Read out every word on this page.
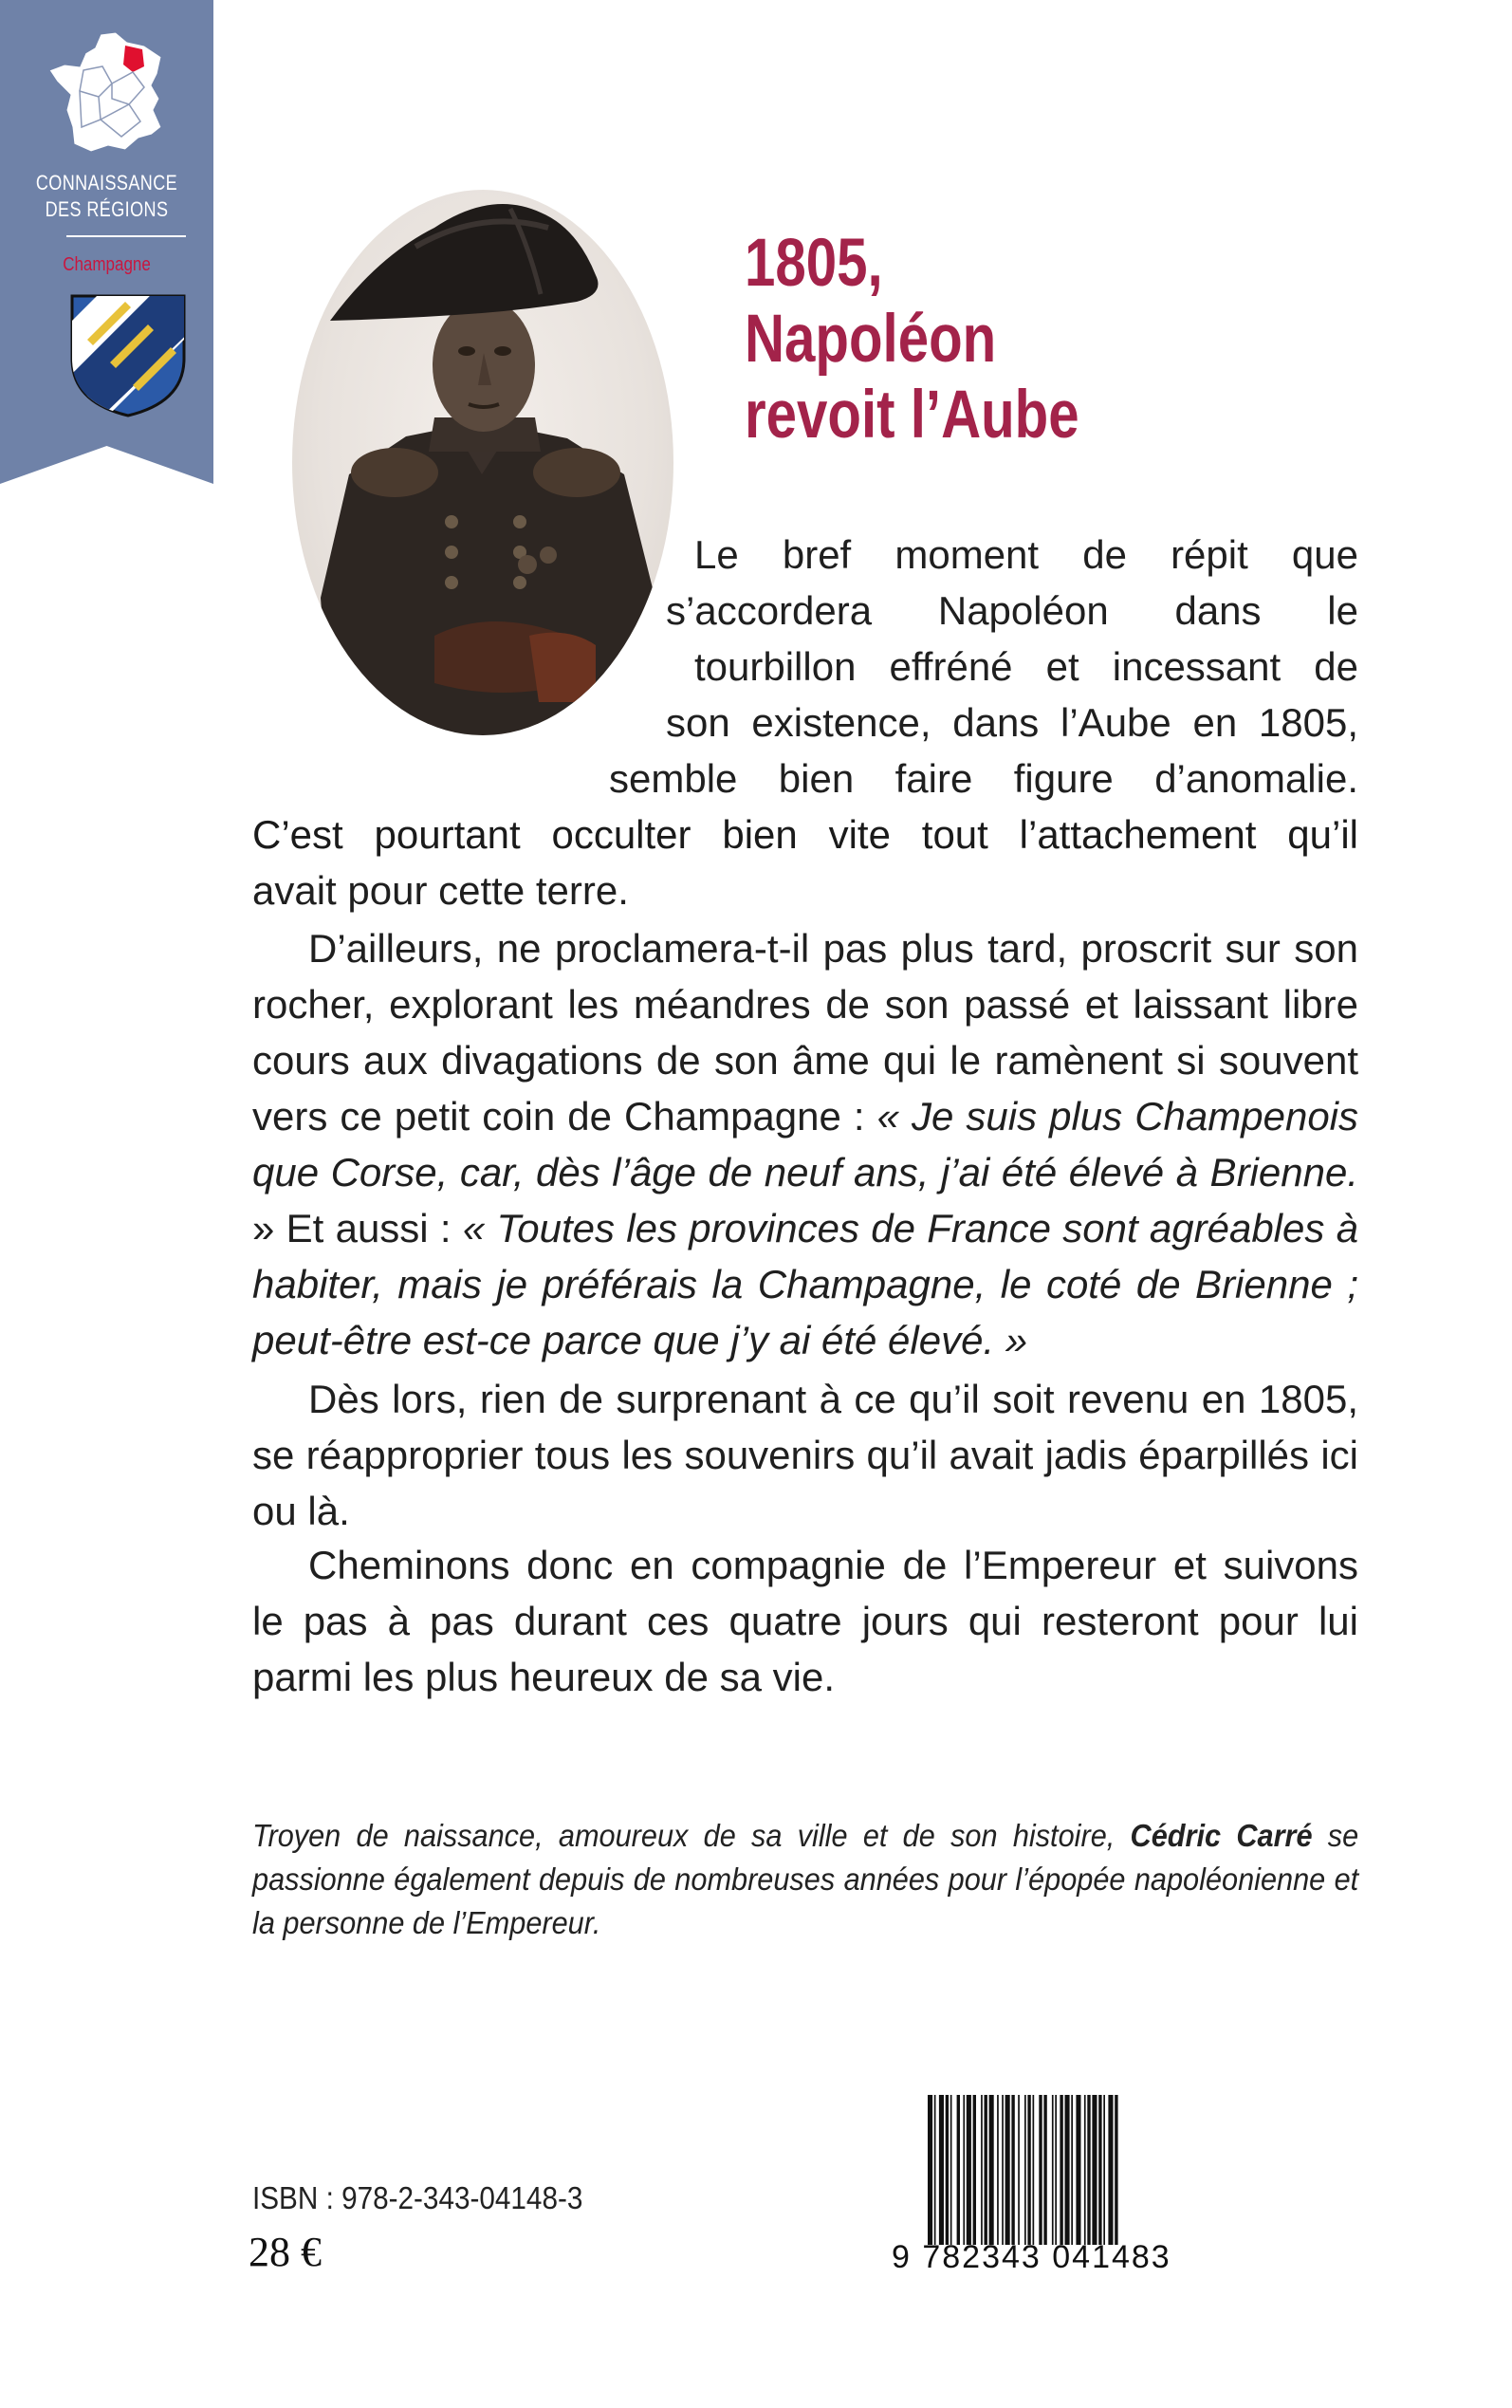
CONNAISSANCE
DES RÉGIONS
Champagne	1805,
Napoléon
revoit l’Aube
Le bref moment de répit que
s’accordera Napoléon dans le
tourbillon effréné et incessant de
son existence, dans l’Aube en 1805,
semble bien faire figure d’anomalie.
C’est pourtant occulter bien vite tout l’attachement qu’il
avait pour cette terre.
D’ailleurs, ne proclamera-t-il pas plus tard, proscrit sur son rocher, explorant les méandres de son passé et laissant libre cours aux divagations de son âme qui le ramènent si souvent vers ce petit coin de Champagne : « Je suis plus Champenois que Corse, car, dès l’âge de neuf ans, j’ai été élevé à Brienne. » Et aussi : « Toutes les provinces de France sont agréables à habiter, mais je préférais la Champagne, le coté de Brienne ; peut-être est-ce parce que j’y ai été élevé. »
Dès lors, rien de surprenant à ce qu’il soit revenu en 1805, se réapproprier tous les souvenirs qu’il avait jadis éparpillés ici ou là.
Cheminons donc en compagnie de l’Empereur et suivons le pas à pas durant ces quatre jours qui resteront pour lui parmi les plus heureux de sa vie.
Troyen de naissance, amoureux de sa ville et de son histoire, Cédric Carré se passionne également depuis de nombreuses années pour l’épopée napoléonienne et la personne de l’Empereur.
ISBN : 978-2-343-04148-3
28 €	9 782343 041483
